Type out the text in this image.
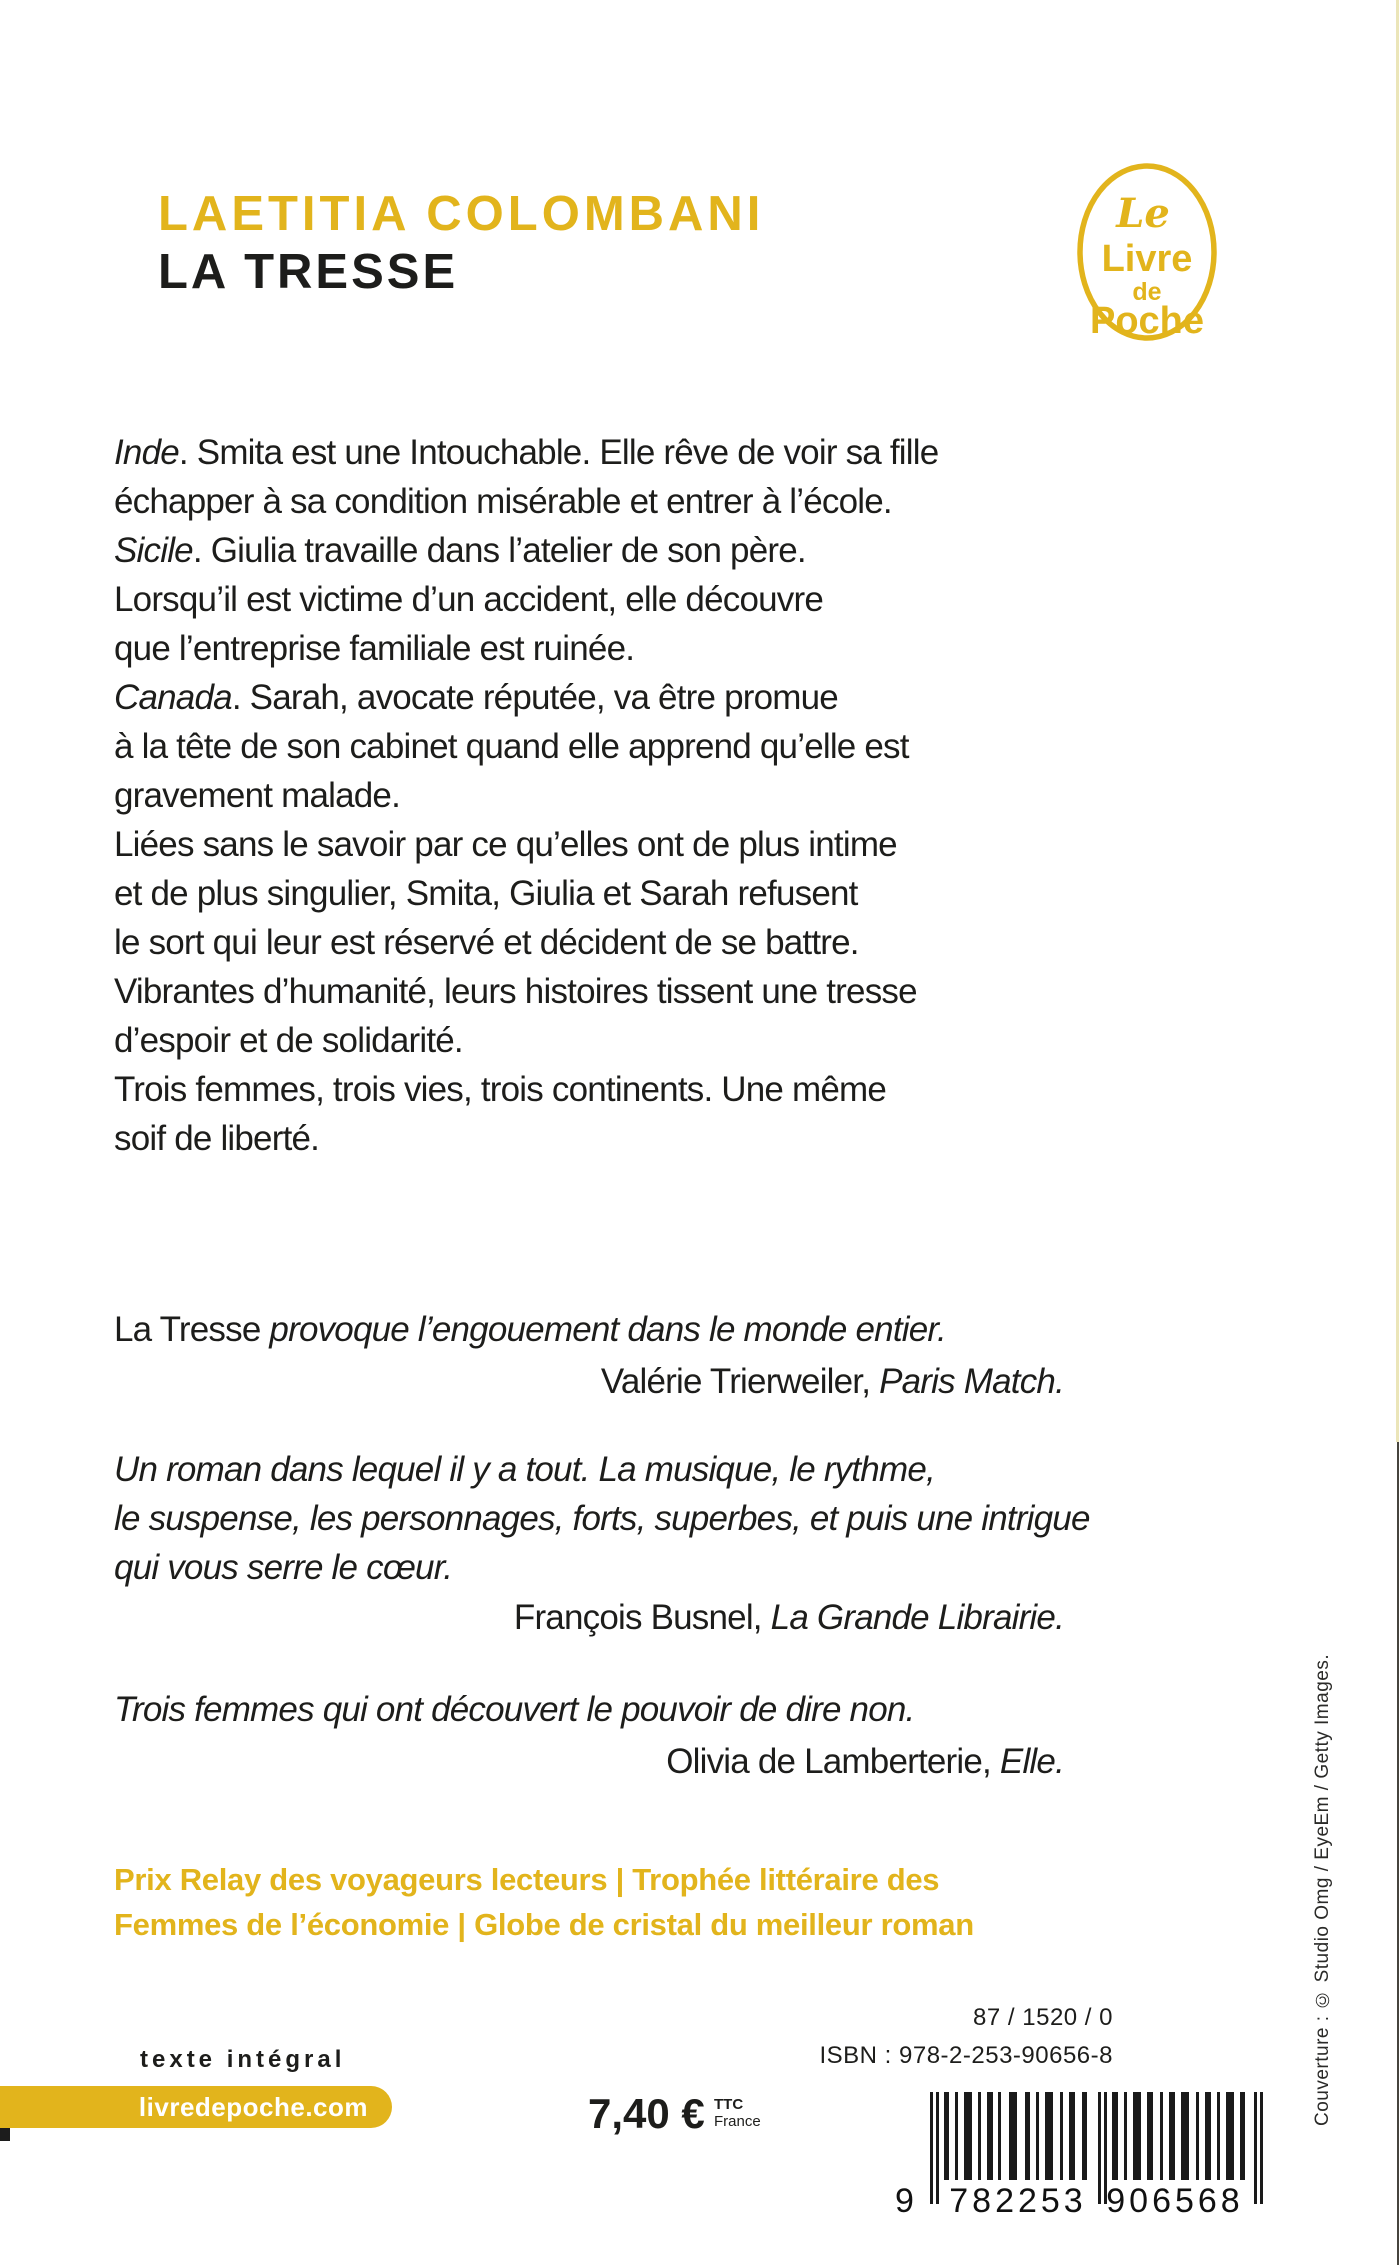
LAETITIA COLOMBANI
LA TRESSE
Le
Livre
de
Poche
Inde. Smita est une Intouchable. Elle rêve de voir sa fille
échapper à sa condition misérable et entrer à l’école.
Sicile. Giulia travaille dans l’atelier de son père.
Lorsqu’il est victime d’un accident, elle découvre
que l’entreprise familiale est ruinée.
Canada. Sarah, avocate réputée, va être promue
à la tête de son cabinet quand elle apprend qu’elle est
gravement malade.
Liées sans le savoir par ce qu’elles ont de plus intime
et de plus singulier, Smita, Giulia et Sarah refusent
le sort qui leur est réservé et décident de se battre.
Vibrantes d’humanité, leurs histoires tissent une tresse
d’espoir et de solidarité.
Trois femmes, trois vies, trois continents. Une même
soif de liberté.
La Tresse provoque l’engouement dans le monde entier.
Valérie Trierweiler, Paris Match.
Un roman dans lequel il y a tout. La musique, le rythme,
le suspense, les personnages, forts, superbes, et puis une intrigue
qui vous serre le cœur.
François Busnel, La Grande Librairie.
Trois femmes qui ont découvert le pouvoir de dire non.
Olivia de Lamberterie, Elle.
Prix Relay des voyageurs lecteurs | Trophée littéraire des
Femmes de l’économie | Globe de cristal du meilleur roman
87 / 1520 / 0
ISBN : 978-2-253-90656-8
texte intégral
livredepoche.com	7,40 € TTC
France
9 782253 906568
Couverture : © Studio Omg / EyeEm / Getty Images.
